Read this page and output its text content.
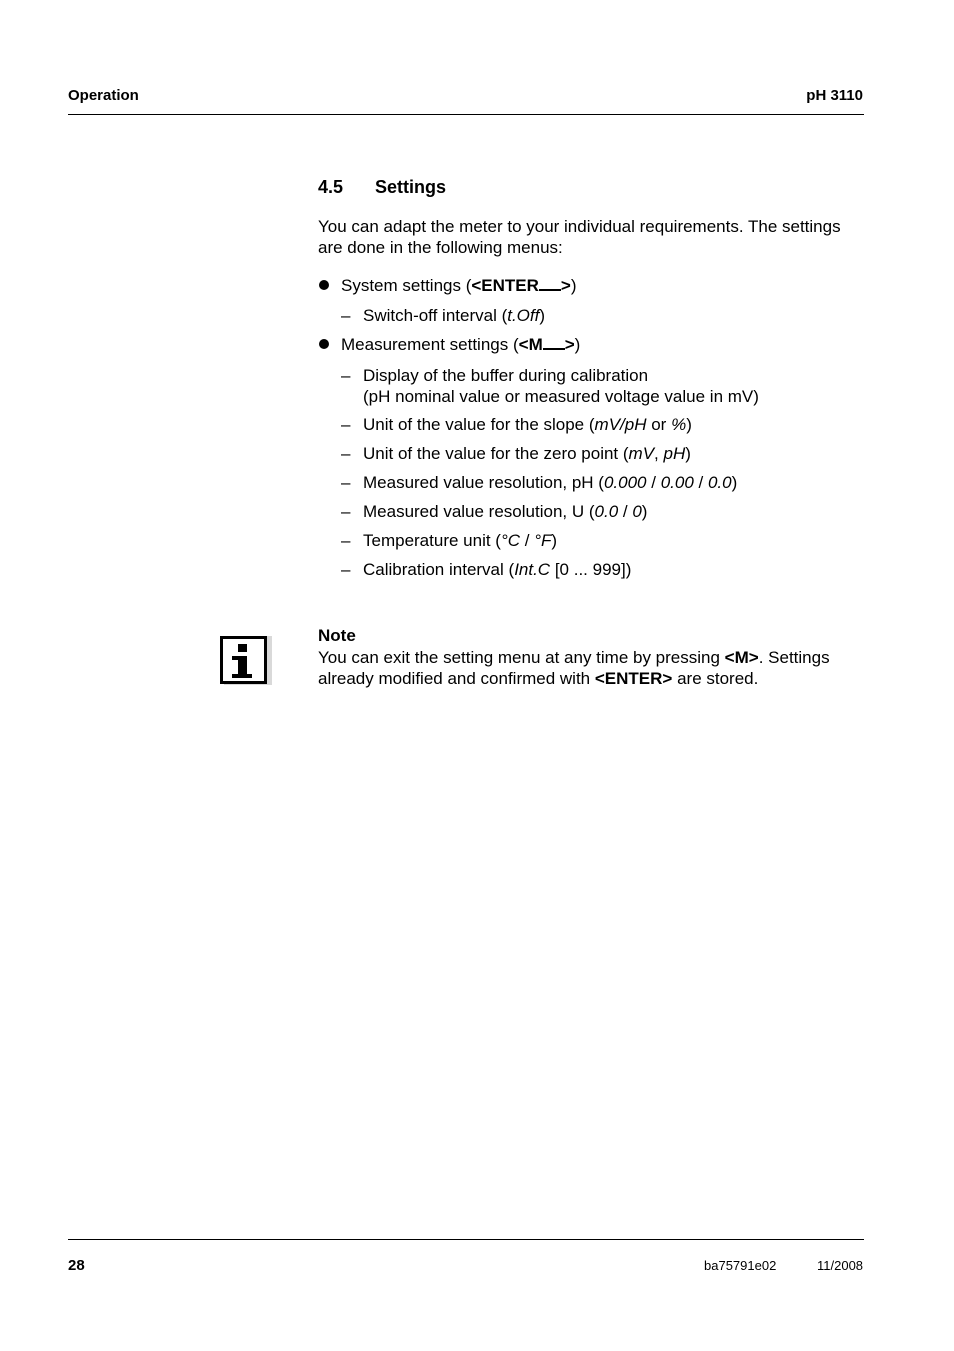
Operation	pH 3110
4.5 Settings
You can adapt the meter to your individual requirements. The settings are done in the following menus:
System settings (<ENTER >)
– Switch-off interval (t.Off)
Measurement settings (<M >)
– Display of the buffer during calibration
(pH nominal value or measured voltage value in mV)
– Unit of the value for the slope (mV/pH or %)
– Unit of the value for the zero point (mV, pH)
– Measured value resolution, pH (0.000 / 0.00 / 0.0)
– Measured value resolution, U (0.0 / 0)
– Temperature unit (°C / °F)
– Calibration interval (Int.C [0 ... 999])
Note
You can exit the setting menu at any time by pressing <M>. Settings already modified and confirmed with <ENTER> are stored.
28	ba75791e02	11/2008
